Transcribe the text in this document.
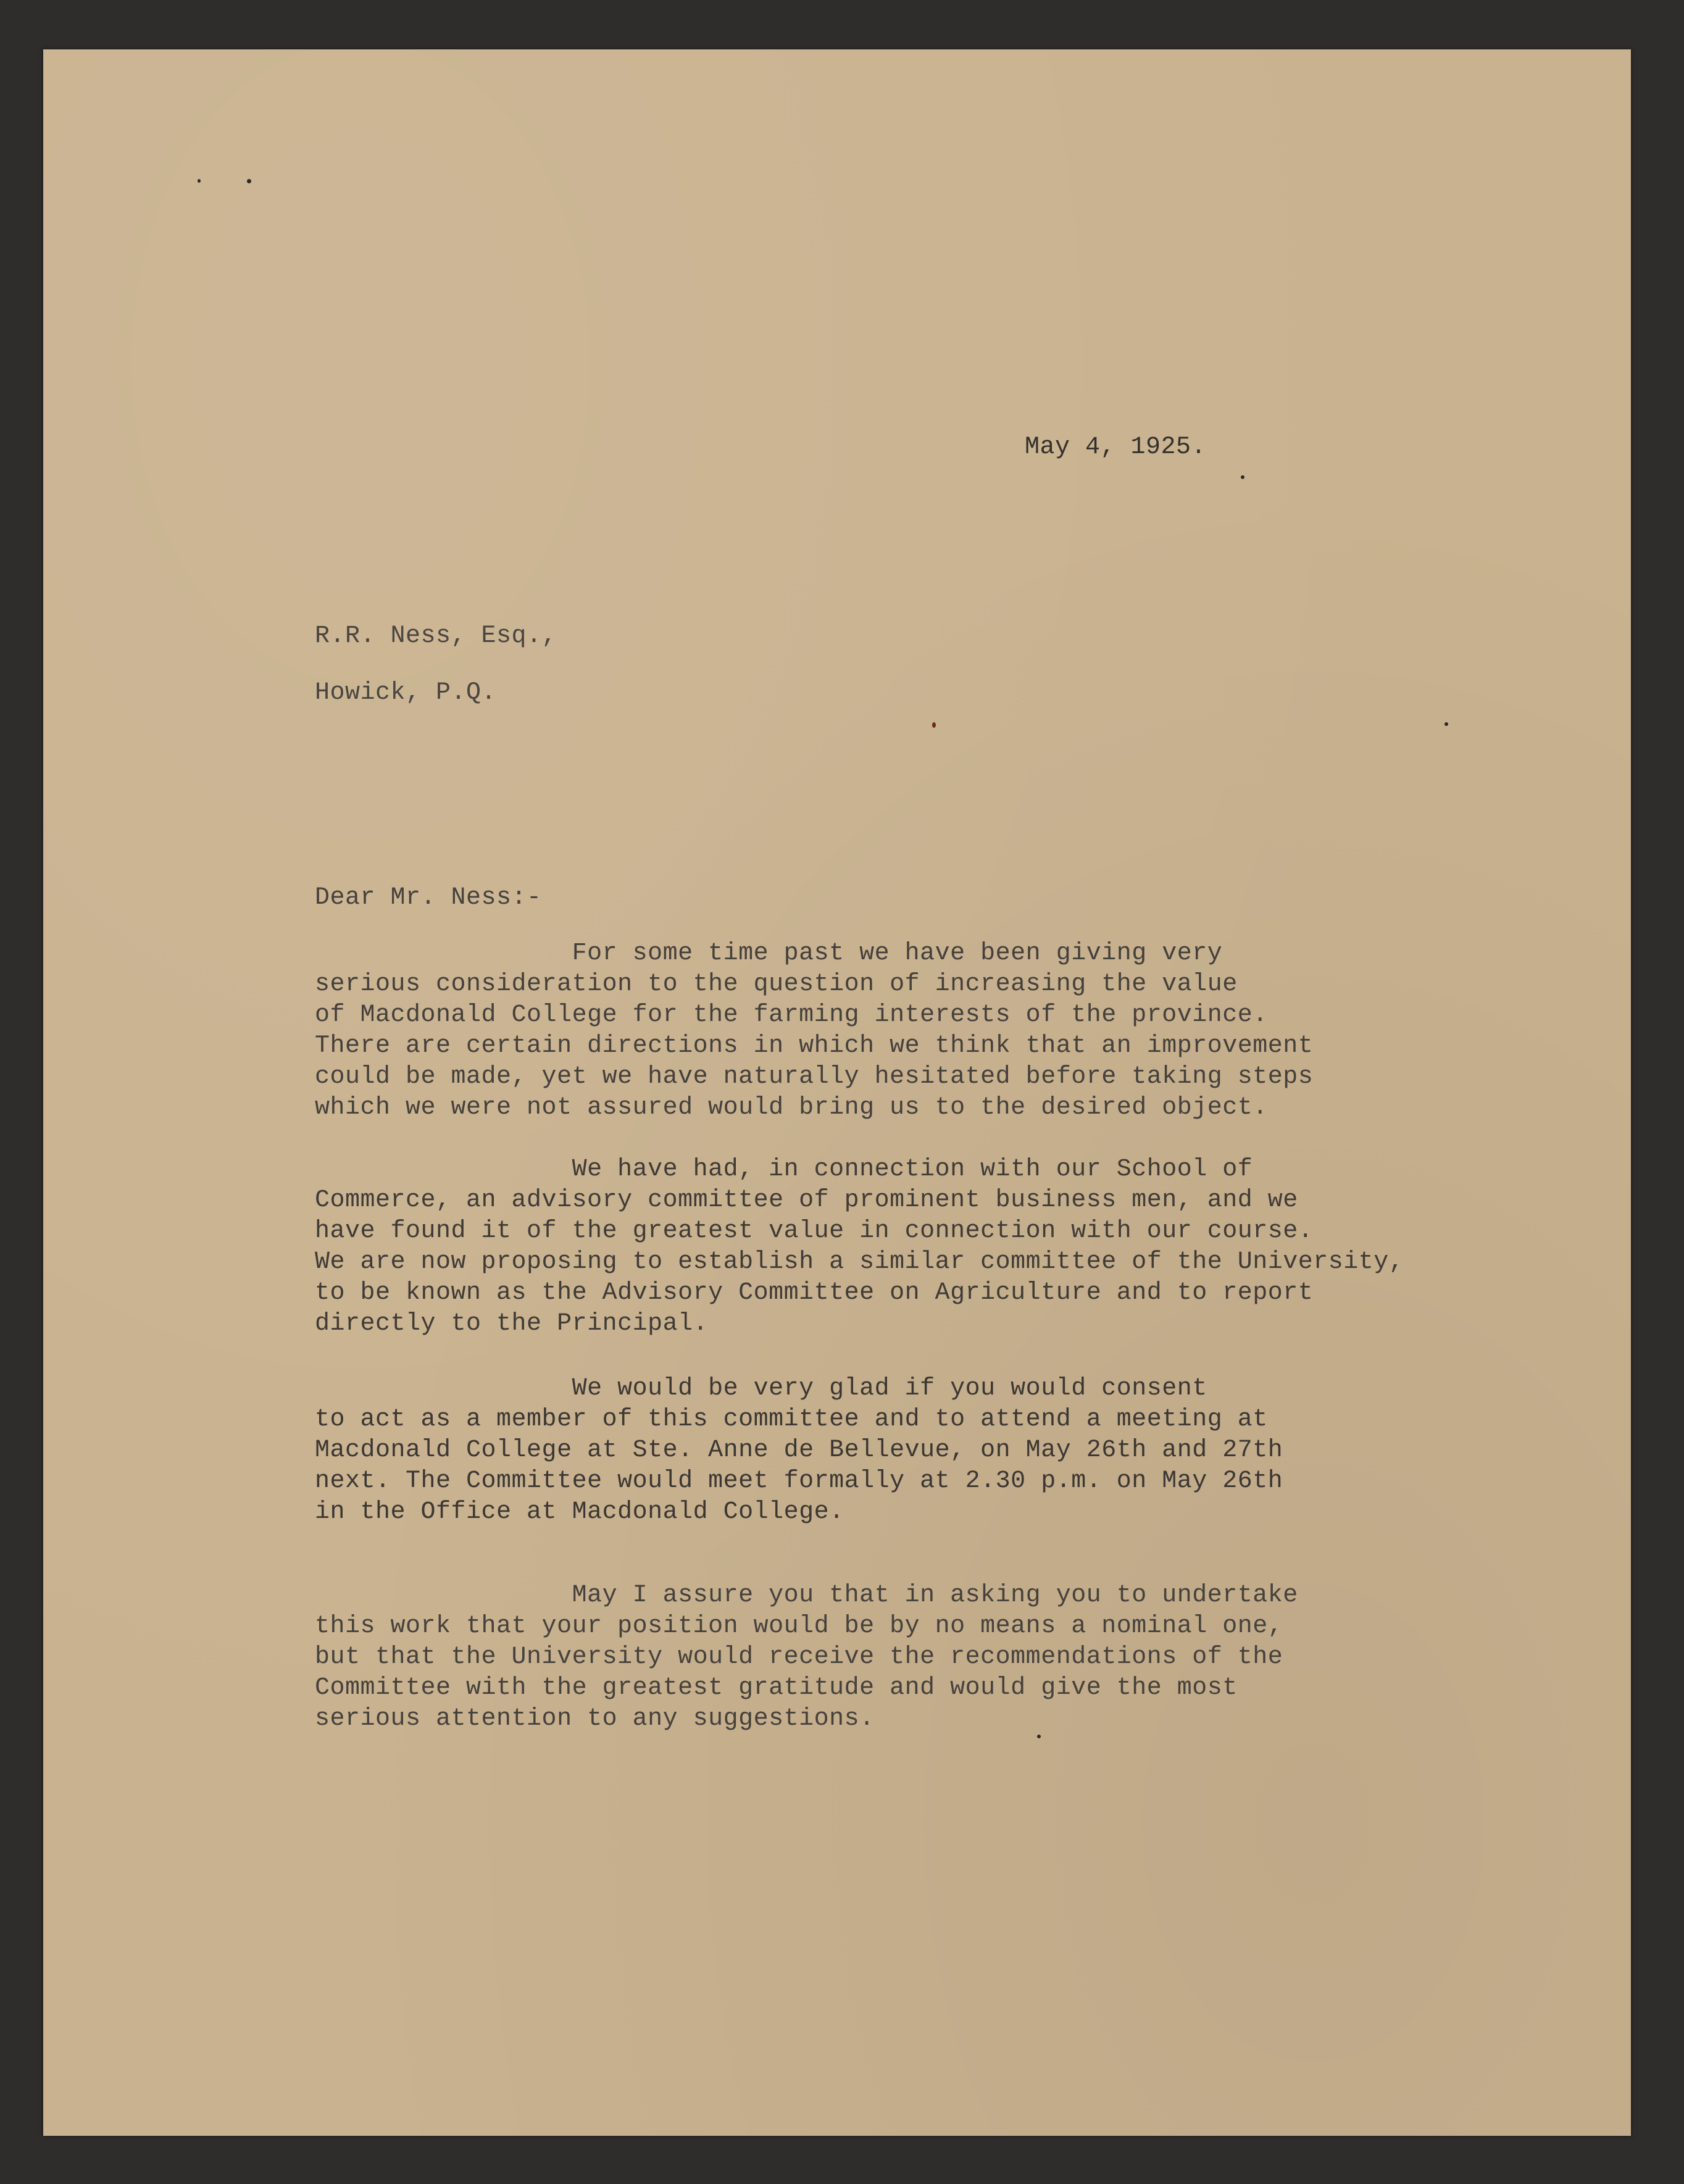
May 4, 1925.

R.R. Ness, Esq.,
Howick, P.Q.

Dear Mr. Ness:-

For some time past we have been giving very
serious consideration to the question of increasing the value
of Macdonald College for the farming interests of the province.
There are certain directions in which we think that an improvement
could be made, yet we have naturally hesitated before taking steps
which we were not assured would bring us to the desired object.
We have had, in connection with our School of
Commerce, an advisory committee of prominent business men, and we
have found it of the greatest value in connection with our course.
We are now proposing to establish a similar committee of the University,
to be known as the Advisory Committee on Agriculture and to report
directly to the Principal.
We would be very glad if you would consent
to act as a member of this committee and to attend a meeting at
Macdonald College at Ste. Anne de Bellevue, on May 26th and 27th
next. The Committee would meet formally at 2.30 p.m. on May 26th
in the Office at Macdonald College.
May I assure you that in asking you to undertake
this work that your position would be by no means a nominal one,
but that the University would receive the recommendations of the
Committee with the greatest gratitude and would give the most
serious attention to any suggestions.
